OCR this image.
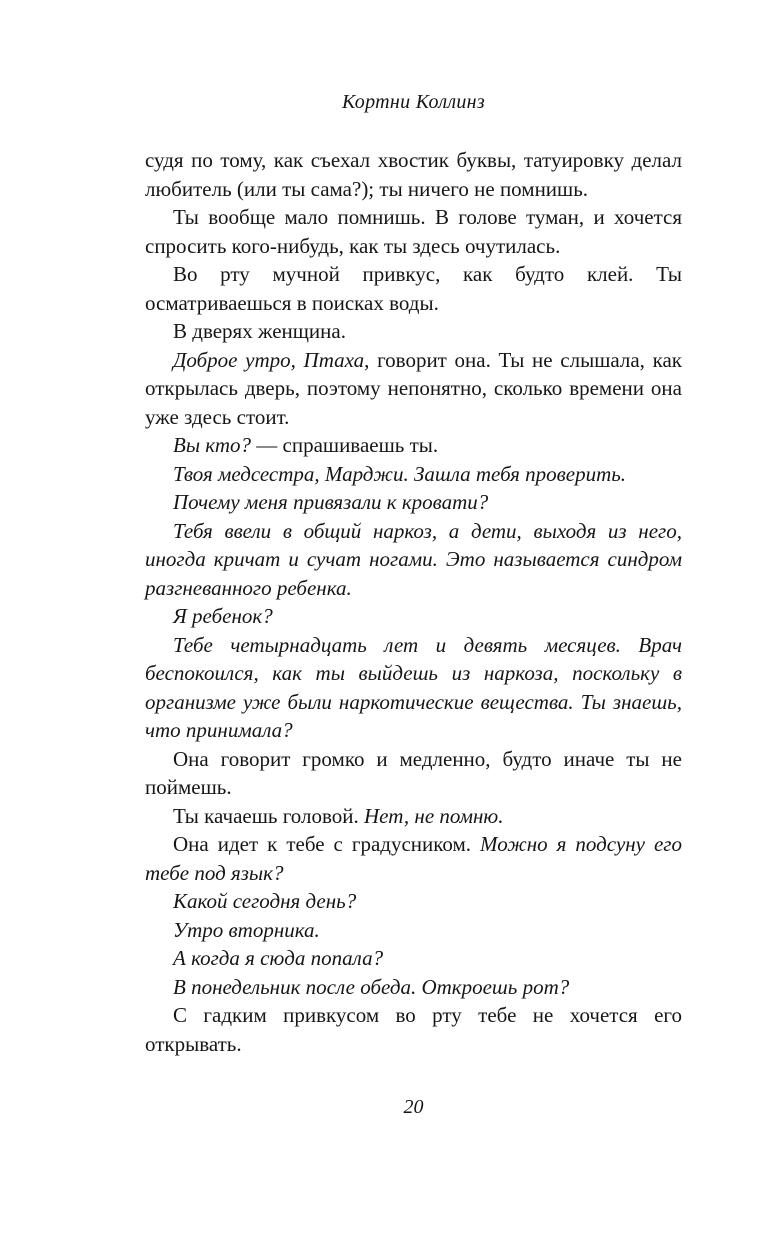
Кортни Коллинз

судя по тому, как съехал хвостик буквы, татуировку делал любитель (или ты сама?); ты ничего не помнишь.

Ты вообще мало помнишь. В голове туман, и хочется спросить кого-нибудь, как ты здесь очутилась.

Во рту мучной привкус, как будто клей. Ты осматриваешься в поисках воды.

В дверях женщина.

Доброе утро, Птаха, говорит она. Ты не слышала, как открылась дверь, поэтому непонятно, сколько времени она уже здесь стоит.

Вы кто? — спрашиваешь ты.

Твоя медсестра, Марджи. Зашла тебя проверить.

Почему меня привязали к кровати?

Тебя ввели в общий наркоз, а дети, выходя из него, иногда кричат и сучат ногами. Это называется синдром разгневанного ребенка.

Я ребенок?

Тебе четырнадцать лет и девять месяцев. Врач беспокоился, как ты выйдешь из наркоза, поскольку в организме уже были наркотические вещества. Ты знаешь, что принимала?

Она говорит громко и медленно, будто иначе ты не поймешь.

Ты качаешь головой. Нет, не помню.

Она идет к тебе с градусником. Можно я подсуну его тебе под язык?

Какой сегодня день?

Утро вторника.

А когда я сюда попала?

В понедельник после обеда. Откроешь рот?

С гадким привкусом во рту тебе не хочется его открывать.

20
